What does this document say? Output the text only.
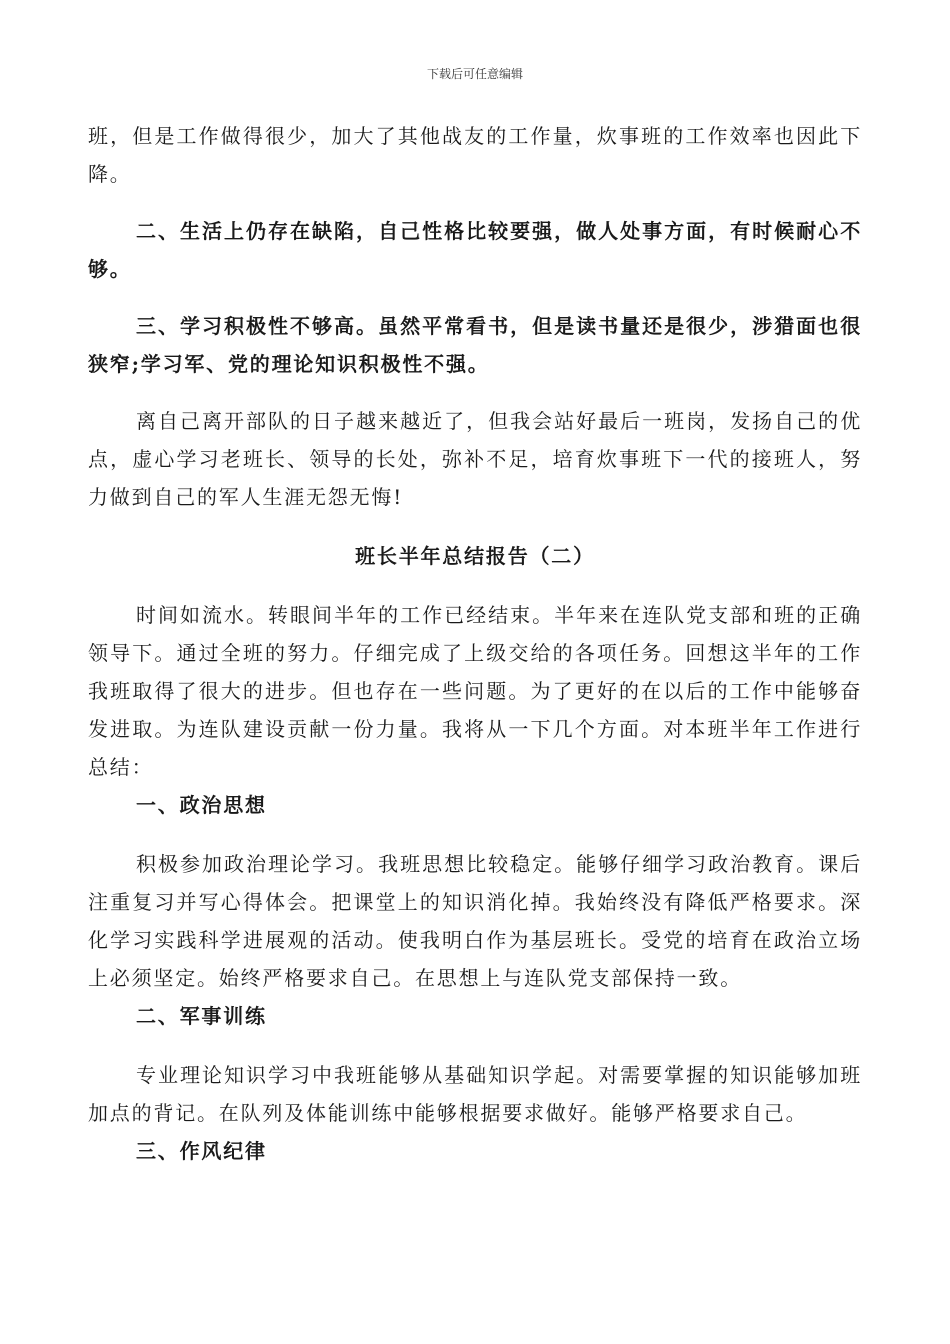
下载后可任意编辑

班，但是工作做得很少，加大了其他战友的工作量，炊事班的工作效率也因此下降。

二、生活上仍存在缺陷，自己性格比较要强，做人处事方面，有时候耐心不够。

三、学习积极性不够高。虽然平常看书，但是读书量还是很少，涉猎面也很狭窄;学习军、党的理论知识积极性不强。

离自己离开部队的日子越来越近了，但我会站好最后一班岗，发扬自己的优点，虚心学习老班长、领导的长处，弥补不足，培育炊事班下一代的接班人，努力做到自己的军人生涯无怨无悔!

班长半年总结报告（二）

时间如流水。转眼间半年的工作已经结束。半年来在连队党支部和班的正确领导下。通过全班的努力。仔细完成了上级交给的各项任务。回想这半年的工作我班取得了很大的进步。但也存在一些问题。为了更好的在以后的工作中能够奋发进取。为连队建设贡献一份力量。我将从一下几个方面。对本班半年工作进行总结：

一、政治思想

积极参加政治理论学习。我班思想比较稳定。能够仔细学习政治教育。课后注重复习并写心得体会。把课堂上的知识消化掉。我始终没有降低严格要求。深化学习实践科学进展观的活动。使我明白作为基层班长。受党的培育在政治立场上必须坚定。始终严格要求自己。在思想上与连队党支部保持一致。

二、军事训练

专业理论知识学习中我班能够从基础知识学起。对需要掌握的知识能够加班加点的背记。在队列及体能训练中能够根据要求做好。能够严格要求自己。

三、作风纪律
